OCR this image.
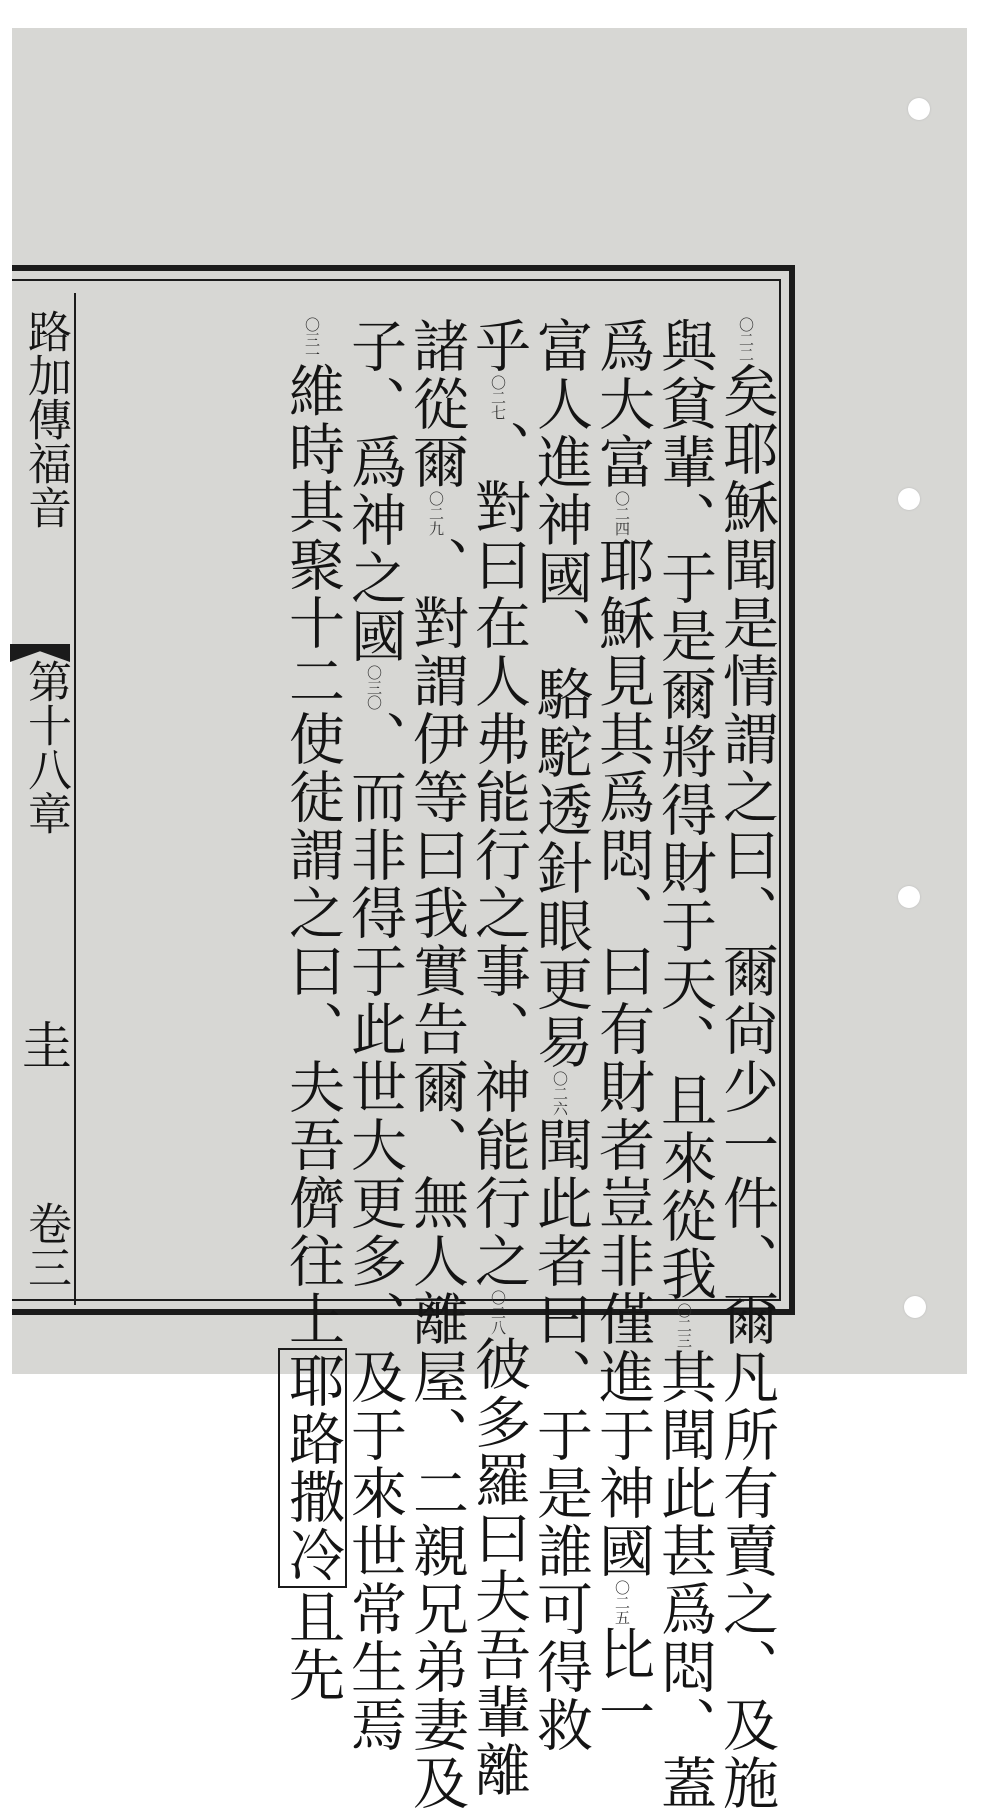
路加傳福音
第十八章
圭
卷三
$^{〇二二}$矣耶穌聞是情謂之曰、爾尙少一件、爾凡所有賣之、及施
與貧輩、于是爾將得財于天、且來從我$^{〇二三}$其聞此甚爲悶、蓋
爲大富$^{〇二四}$耶穌見其爲悶、曰有財者豈非僅進于神國$^{〇二五}$比一
富人進神國、駱駝透針眼更易$^{〇二六}$聞此者曰、于是誰可得救
乎$^{〇二七}$、對曰在人弗能行之事、神能行之$^{〇二八}$彼多羅曰夫吾輩離
諸從爾$^{〇二九}$、對謂伊等曰我實告爾、無人離屋、二親兄弟妻及
子、爲神之國$^{〇三〇}$、而非得于此世大更多、及于來世常生焉
$^{〇三一}$維時其聚十二使徒謂之曰、夫吾儕往上耶路撒冷且先
